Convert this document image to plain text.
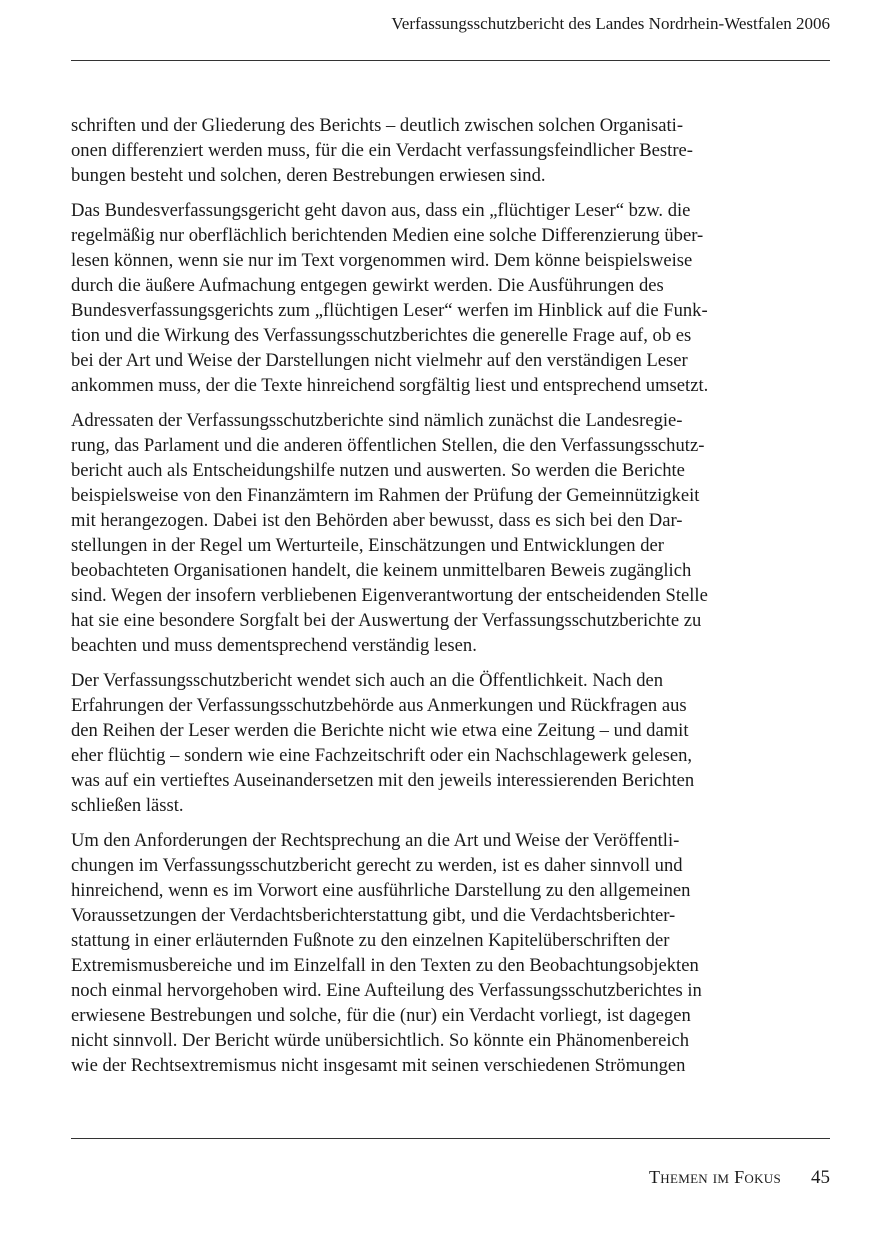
Verfassungsschutzbericht des Landes Nordrhein-Westfalen 2006
schriften und der Gliederung des Berichts – deutlich zwischen solchen Organisati-
onen differenziert werden muss, für die ein Verdacht verfassungsfeindlicher Bestre-
bungen besteht und solchen, deren Bestrebungen erwiesen sind.
Das Bundesverfassungsgericht geht davon aus, dass ein „flüchtiger Leser“ bzw. die
regelmäßig nur oberflächlich berichtenden Medien eine solche Differenzierung über-
lesen können, wenn sie nur im Text vorgenommen wird. Dem könne beispielsweise
durch die äußere Aufmachung entgegen gewirkt werden. Die Ausführungen des
Bundesverfassungsgerichts zum „flüchtigen Leser“ werfen im Hinblick auf die Funk-
tion und die Wirkung des Verfassungsschutzberichtes die generelle Frage auf, ob es
bei der Art und Weise der Darstellungen nicht vielmehr auf den verständigen Leser
ankommen muss, der die Texte hinreichend sorgfältig liest und entsprechend umsetzt.
Adressaten der Verfassungsschutzberichte sind nämlich zunächst die Landesregie-
rung, das Parlament und die anderen öffentlichen Stellen, die den Verfassungsschutz-
bericht auch als Entscheidungshilfe nutzen und auswerten. So werden die Berichte
beispielsweise von den Finanzämtern im Rahmen der Prüfung der Gemeinnützigkeit
mit herangezogen. Dabei ist den Behörden aber bewusst, dass es sich bei den Dar-
stellungen in der Regel um Werturteile, Einschätzungen und Entwicklungen der
beobachteten Organisationen handelt, die keinem unmittelbaren Beweis zugänglich
sind. Wegen der insofern verbliebenen Eigenverantwortung der entscheidenden Stelle
hat sie eine besondere Sorgfalt bei der Auswertung der Verfassungsschutzberichte zu
beachten und muss dementsprechend verständig lesen.
Der Verfassungsschutzbericht wendet sich auch an die Öffentlichkeit. Nach den
Erfahrungen der Verfassungsschutzbehörde aus Anmerkungen und Rückfragen aus
den Reihen der Leser werden die Berichte nicht wie etwa eine Zeitung – und damit
eher flüchtig – sondern wie eine Fachzeitschrift oder ein Nachschlagewerk gelesen,
was auf ein vertieftes Auseinandersetzen mit den jeweils interessierenden Berichten
schließen lässt.
Um den Anforderungen der Rechtsprechung an die Art und Weise der Veröffentli-
chungen im Verfassungsschutzbericht gerecht zu werden, ist es daher sinnvoll und
hinreichend, wenn es im Vorwort eine ausführliche Darstellung zu den allgemeinen
Voraussetzungen der Verdachtsberichterstattung gibt, und die Verdachtsberichter-
stattung in einer erläuternden Fußnote zu den einzelnen Kapitelüberschriften der
Extremismusbereiche und im Einzelfall in den Texten zu den Beobachtungsobjekten
noch einmal hervorgehoben wird. Eine Aufteilung des Verfassungsschutzberichtes in
erwiesene Bestrebungen und solche, für die (nur) ein Verdacht vorliegt, ist dagegen
nicht sinnvoll. Der Bericht würde unübersichtlich. So könnte ein Phänomenbereich
wie der Rechtsextremismus nicht insgesamt mit seinen verschiedenen Strömungen
Themen im Fokus 45
